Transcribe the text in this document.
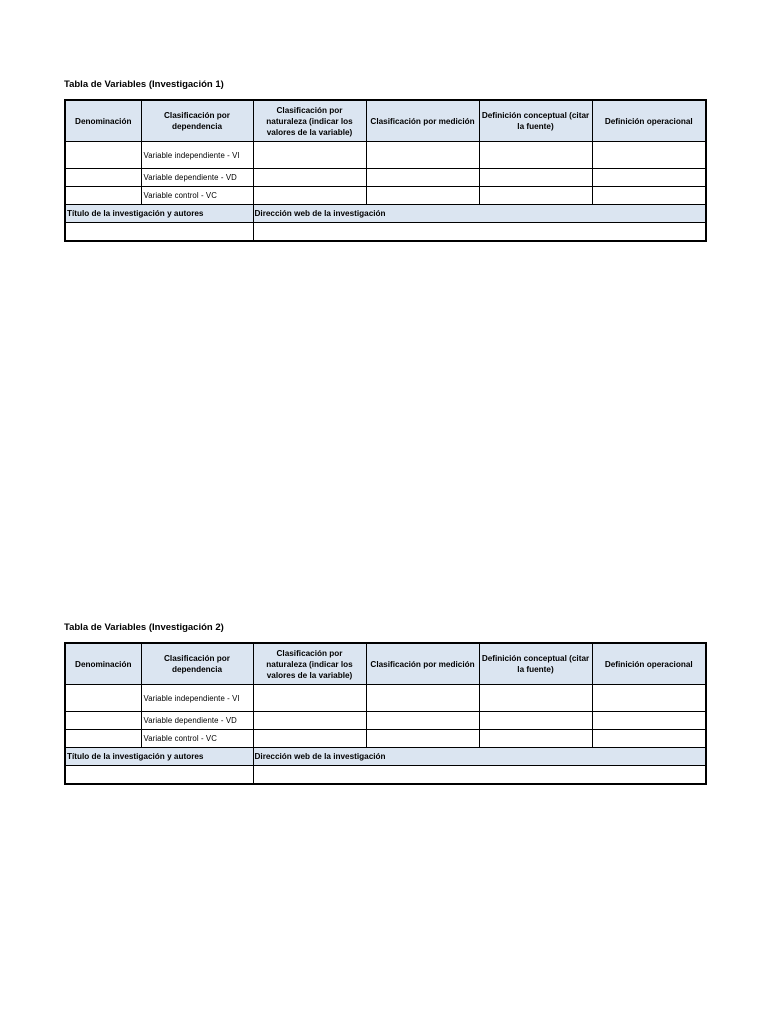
Tabla de Variables (Investigación 1)
Denominación	Clasificación por dependencia	Clasificación por naturaleza (indicar los valores de la variable)	Clasificación por medición	Definición conceptual (citar la fuente)	Definición operacional
	Variable independiente - VI				
	Variable dependiente - VD				
	Variable control - VC				
Título de la investigación y autores		Dirección web de la investigación			

Tabla de Variables (Investigación 2)
Denominación	Clasificación por dependencia	Clasificación por naturaleza (indicar los valores de la variable)	Clasificación por medición	Definición conceptual (citar la fuente)	Definición operacional
	Variable independiente - VI				
	Variable dependiente - VD				
	Variable control - VC				
Título de la investigación y autores		Dirección web de la investigación			
